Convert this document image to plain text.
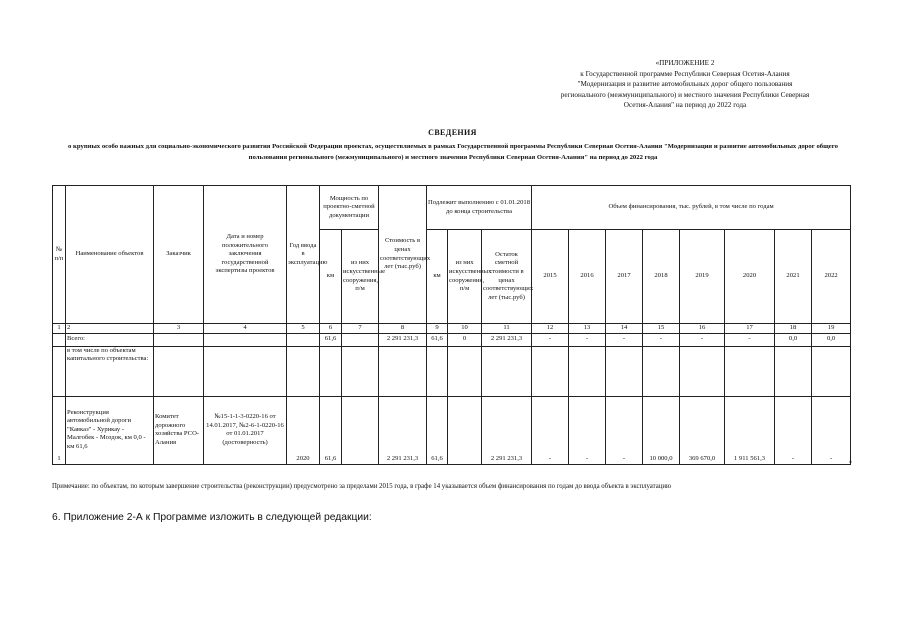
«ПРИЛОЖЕНИЕ 2
к Государственной программе Республики Северная Осетия-Алания
"Модернизация и развитие автомобильных дорог общего пользования
регионального (межмуниципального) и местного значения Республики Северная
Осетия-Алания" на период до 2022 года
СВЕДЕНИЯ
о крупных особо важных для социально-экономического развития Российской Федерации проектах, осуществляемых в рамках Государственной программы Республики Северная Осетия-Алания "Модернизация и развитие автомобильных дорог общего пользования регионального (межмуниципального) и местного значения Республики Северная Осетия-Алания" на период до 2022 года
№ п/п	Наименование объектов	Заказчик	Дата и номер положительного заключения государственной экспертизы проектов	Год ввода в эксплуатацию	Мощность по проектно-сметной документации		Стоимость в ценах соответствующих лет (тыс.руб)	Подлежит выполнению с 01.01.2018 до конца строительства			Объем финансирования, тыс. рублей, в том числе по годам							
					км	из них искусственные сооружения, п/м		км	из них искусственных сооружения, п/м	Остаток сметной стоимости в ценах соответствующих лет (тыс.руб)	2015	2016	2017	2018	2019	2020	2021	2022
1	2	3	4	5	6	7	8	9	10	11	12	13	14	15	16	17	18	19
	Всего:				61,6		2 291 231,3	61,6	0	2 291 231,3	-	-	-	-	-	-	0,0	0,0
	в том числе по объектам капитального строительства:																	
1	Реконструкция автомобильной дороги "Кавказ" - Хурикау - Малгобек - Моздок, км 0,0 - км 61,6	Комитет дорожного хозяйства РСО-Алания	№15-1-1-3-0220-16 от 14.01.2017, №2-6-1-0220-16 от 01.01.2017 (достоверность)	2020	61,6		2 291 231,3	61,6		2 291 231,3	-	-	-	10 000,0	369 670,0	1 911 561,3	-	-	»
Примечание: по объектам, по которым завершение строительства (реконструкции) предусмотрено за пределами 2015 года, в графе 14 указывается объем финансирования по годам до ввода объекта в эксплуатацию
6. Приложение 2-А к Программе изложить в следующей редакции:
